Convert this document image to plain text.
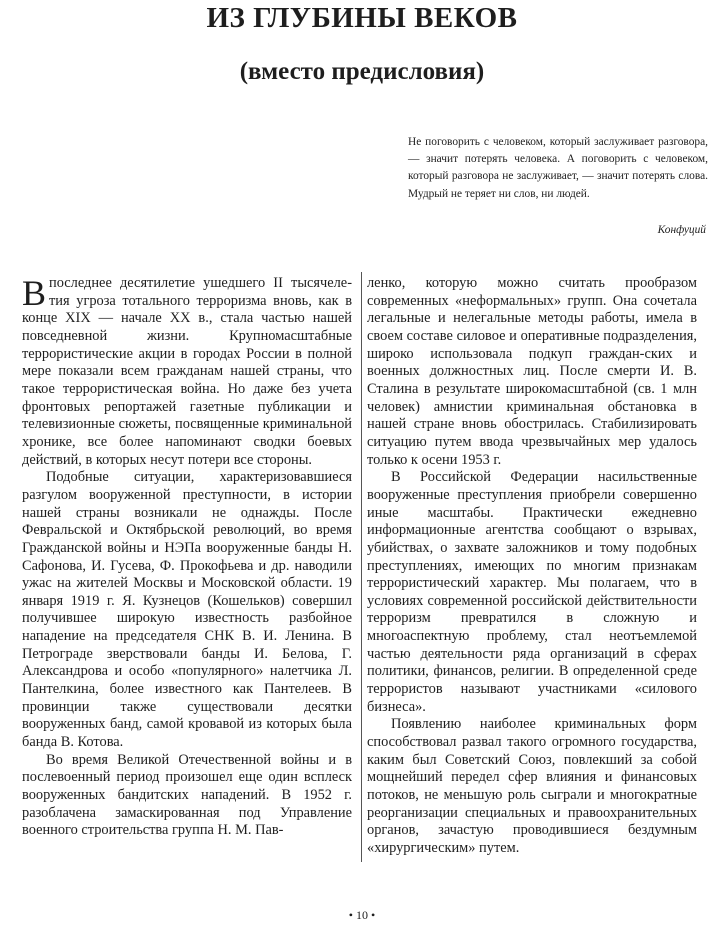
ИЗ ГЛУБИНЫ ВЕКОВ
(вместо предисловия)

Не поговорить с человеком, который заслуживает разговора, — значит потерять человека. А поговорить с человеком, который разговора не заслуживает, — значит потерять слова. Мудрый не теряет ни слов, ни людей.

Конфуций

Впоследнее десятилетие ушедшего II тысячеле-тия угроза тотального терроризма вновь, как в конце XIX — начале XX в., стала частью нашей повседневной жизни. Крупномасштабные террористические акции в городах России в полной мере показали всем гражданам нашей страны, что такое террористическая война. Но даже без учета фронтовых репортажей газетные публикации и телевизионные сюжеты, посвященные криминальной хронике, все более напоминают сводки боевых действий, в которых несут потери все стороны.

Подобные ситуации, характеризовавшиеся разгулом вооруженной преступности, в истории нашей страны возникали не однажды. После Февральской и Октябрьской революций, во время Гражданской войны и НЭПа вооруженные банды Н. Сафонова, И. Гусева, Ф. Прокофьева и др. наводили ужас на жителей Москвы и Московской области. 19 января 1919 г. Я. Кузнецов (Кошельков) совершил получившее широкую известность разбойное нападение на председателя СНК В. И. Ленина. В Петрограде зверствовали банды И. Белова, Г. Александрова и особо «популярного» налетчика Л. Пантелкина, более известного как Пантелеев. В провинции также существовали десятки вооруженных банд, самой кровавой из которых была банда В. Котова.

Во время Великой Отечественной войны и в послевоенный период произошел еще один всплеск вооруженных бандитских нападений. В 1952 г. разоблачена замаскированная под Управление военного строительства группа Н. М. Пав-

ленко, которую можно считать прообразом современных «неформальных» групп. Она сочетала легальные и нелегальные методы работы, имела в своем составе силовое и оперативные подразделения, широко использовала подкуп граждан-ских и военных должностных лиц. После смерти И. В. Сталина в результате широкомасштабной (св. 1 млн человек) амнистии криминальная обстановка в нашей стране вновь обострилась. Стабилизировать ситуацию путем ввода чрезвычайных мер удалось только к осени 1953 г.

В Российской Федерации насильственные вооруженные преступления приобрели совершенно иные масштабы. Практически ежедневно информационные агентства сообщают о взрывах, убийствах, о захвате заложников и тому подобных преступлениях, имеющих по многим признакам террористический характер. Мы полагаем, что в условиях современной российской действительности терроризм превратился в сложную и многоаспектную проблему, стал неотъемлемой частью деятельности ряда организаций в сферах политики, финансов, религии. В определенной среде террористов называют участниками «силового бизнеса».

Появлению наиболее криминальных форм способствовал развал такого огромного государства, каким был Советский Союз, повлекший за собой мощнейший передел сфер влияния и финансовых потоков, не меньшую роль сыграли и многократные реорганизации специальных и правоохранительных органов, зачастую проводившиеся бездумным «хирургическим» путем.

• 10 •
